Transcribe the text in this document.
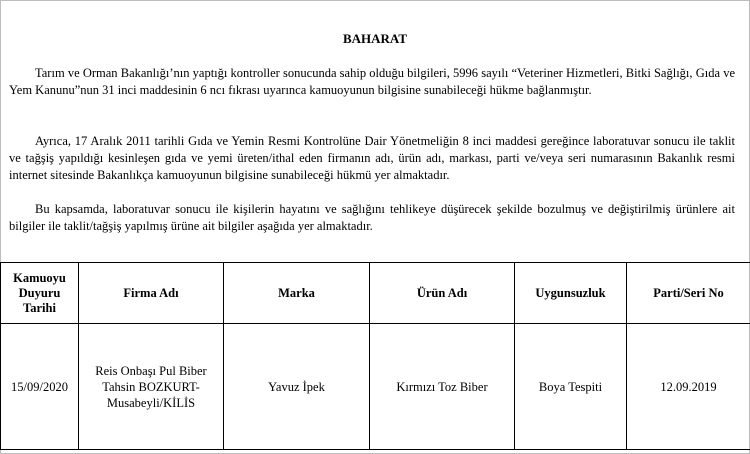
BAHARAT

Tarım ve Orman Bakanlığı’nın yaptığı kontroller sonucunda sahip olduğu bilgileri, 5996 sayılı “Veteriner Hizmetleri, Bitki Sağlığı, Gıda ve Yem Kanunu”nun 31 inci maddesinin 6 ncı fıkrası uyarınca kamuoyunun bilgisine sunabileceği hükme bağlanmıştır.

Ayrıca, 17 Aralık 2011 tarihli Gıda ve Yemin Resmi Kontrolüne Dair Yönetmeliğin 8 inci maddesi gereğince laboratuvar sonucu ile taklit ve tağşiş yapıldığı kesinleşen gıda ve yemi üreten/ithal eden firmanın adı, ürün adı, markası, parti ve/veya seri numarasının Bakanlık resmi internet sitesinde Bakanlıkça kamuoyunun bilgisine sunabileceği hükmü yer almaktadır.

Bu kapsamda, laboratuvar sonucu ile kişilerin hayatını ve sağlığını tehlikeye düşürecek şekilde bozulmuş ve değiştirilmiş ürünlere ait bilgiler ile taklit/tağşiş yapılmış ürüne ait bilgiler aşağıda yer almaktadır.

Kamuoyu Duyuru Tarihi	Firma Adı	Marka	Ürün Adı	Uygunsuzluk	Parti/Seri No
15/09/2020	Reis Onbaşı Pul Biber Tahsin BOZKURT-Musabeyli/KİLİS	Yavuz İpek	Kırmızı Toz Biber	Boya Tespiti	12.09.2019
